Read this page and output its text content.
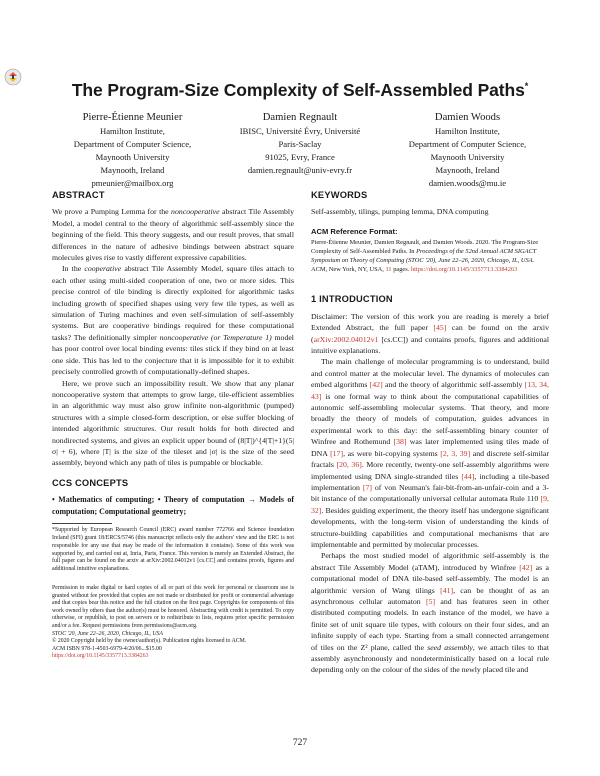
The Program-Size Complexity of Self-Assembled Paths*
Pierre-Étienne Meunier
Hamilton Institute,
Department of Computer Science,
Maynooth University
Maynooth, Ireland
pmeunier@mailbox.org
Damien Regnault
IBISC, Université Évry, Université
Paris-Saclay
91025, Evry, France
damien.regnault@univ-evry.fr
Damien Woods
Hamilton Institute,
Department of Computer Science,
Maynooth University
Maynooth, Ireland
damien.woods@mu.ie
ABSTRACT

We prove a Pumping Lemma for the noncooperative abstract Tile Assembly Model, a model central to the theory of algorithmic self-assembly since the beginning of the field. This theory suggests, and our result proves, that small differences in the nature of adhesive bindings between abstract square molecules gives rise to vastly different expressive capabilities.

In the cooperative abstract Tile Assembly Model, square tiles attach to each other using multi-sided cooperation of one, two or more sides. This precise control of tile binding is directly exploited for algorithmic tasks including growth of specified shapes using very few tile types, as well as simulation of Turing machines and even self-simulation of self-assembly systems. But are cooperative bindings required for these computational tasks? The definitionally simpler noncooperative (or Temperature 1) model has poor control over local binding events: tiles stick if they bind on at least one side. This has led to the conjecture that it is impossible for it to exhibit precisely controlled growth of computationally-defined shapes.

Here, we prove such an impossibility result. We show that any planar noncooperative system that attempts to grow large, tile-efficient assemblies in an algorithmic way must also grow infinite non-algorithmic (pumped) structures with a simple closed-form description, or else suffer blocking of intended algorithmic structures. Our result holds for both directed and nondirected systems, and gives an explicit upper bound of (8|T|)^{4|T|+1}(5|σ| + 6), where |T| is the size of the tileset and |σ| is the size of the seed assembly, beyond which any path of tiles is pumpable or blockable.

CCS CONCEPTS
• Mathematics of computing; • Theory of computation → Models of computation; Computational geometry;
*Supported by European Research Council (ERC) award number 772766 and Science foundation Ireland (SFI) grant 18/ERCS/5746 (this manuscript reflects only the authors' view and the ERC is not responsible for any use that may be made of the information it contains). Some of this work was supported by, and carried out at, Inria, Paris, France. This version is merely an Extended Abstract, the full paper can be found on the arxiv at arXiv:2002.04012v1 [cs.CC] and contains proofs, figures and additional intuitive explanations.

Permission to make digital or hard copies of all or part of this work for personal or classroom use is granted without fee provided that copies are not made or distributed for profit or commercial advantage and that copies bear this notice and the full citation on the first page. Copyrights for components of this work owned by others than the author(s) must be honored. Abstracting with credit is permitted. To copy otherwise, or republish, to post on servers or to redistribute to lists, requires prior specific permission and/or a fee. Request permissions from permissions@acm.org.

STOC '20, June 22–26, 2020, Chicago, IL, USA

© 2020 Copyright held by the owner/author(s). Publication rights licensed to ACM.

ACM ISBN 978-1-4503-6979-4/20/06...$15.00

https://doi.org/10.1145/3357713.3384263

KEYWORDS

Self-assembly, tilings, pumping lemma, DNA computing

ACM Reference Format:

Pierre-Étienne Meunier, Damien Regnault, and Damien Woods. 2020. The Program-Size Complexity of Self-Assembled Paths. In Proceedings of the 52nd Annual ACM SIGACT Symposium on Theory of Computing (STOC '20), June 22–26, 2020, Chicago, IL, USA. ACM, New York, NY, USA, 11 pages. https://doi.org/10.1145/3357713.3384263

1 INTRODUCTION

Disclaimer: The version of this work you are reading is merely a brief Extended Abstract, the full paper [45] can be found on the arxiv (arXiv:2002.04012v1 [cs.CC]) and contains proofs, figures and additional intuitive explanations.

The main challenge of molecular programming is to understand, build and control matter at the molecular level. The dynamics of molecules can embed algorithms [42] and the theory of algorithmic self-assembly [13, 34, 43] is one formal way to think about the computational capabilities of autonomic self-assembling molecular systems. That theory, and more broadly the theory of models of computation, guides advances in experimental work to this day: the self-assembling binary counter of Winfree and Rothemund [38] was later implemented using tiles made of DNA [17], as were bit-copying systems [2, 3, 39] and discrete self-similar fractals [20, 36]. More recently, twenty-one self-assembly algorithms were implemented using DNA single-stranded tiles [44], including a tile-based implementation [7] of von Neuman's fair-bit-from-an-unfair-coin and a 3-bit instance of the computationally universal cellular automata Rule 110 [9, 32]. Besides guiding experiment, the theory itself has undergone significant developments, with the long-term vision of understanding the kinds of structure-building capabilities and computational mechanisms that are implementable and permitted by molecular processes.

Perhaps the most studied model of algorithmic self-assembly is the abstract Tile Assembly Model (aTAM), introduced by Winfree [42] as a computational model of DNA tile-based self-assembly. The model is an algorithmic version of Wang tilings [41], can be thought of as an asynchronous cellular automaton [5] and has features seen in other distributed computing models. In each instance of the model, we have a finite set of unit square tile types, with colours on their four sides, and an infinite supply of each type. Starting from a small connected arrangement of tiles on the Z² plane, called the seed assembly, we attach tiles to that assembly asynchronously and nondeterministically based on a local rule depending only on the colour of the sides of the newly placed tile and

727
